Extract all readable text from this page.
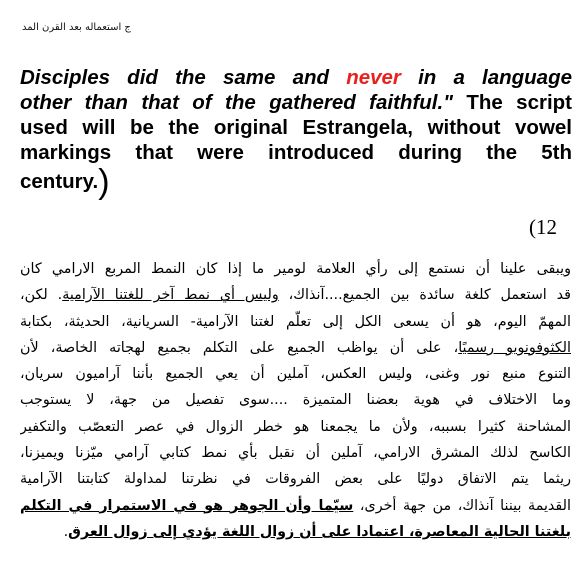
ج استعماله بعد القرن المد
Disciples did the same and never in a language
other than that of the gathered faithful." The script
used will be the original Estrangela, without vowel
markings that were introduced during the 5th
century.)
(12
ويبقى علينا أن نستمع إلى رأي العلامة لومير ما إذا كان النمط المربع الارامي كان
قد استعمل كلغة سائدة بين الجميع....آنذاك، وليس أي نمط آخر للغتنا الآرامية. لكن،
المهمّ اليوم، هو أن يسعى الكل إلى تعلّم لغتنا الآرامية- السريانية، الحديثة، بكتابة
الكثوفونويو رسميًا، على أن يواظب الجميع على التكلم بجميع لهجاته الخاصة، لأن
التنوع منبع نور وغنى، وليس العكس، آملين أن يعي الجميع بأننا آراميون سريان،
وما الاختلاف في هوية بعضنا المتميزة ....سوى تفصيل من جهة، لا يستوجب
المشاحنة كثيرا بسببه، ولأن ما يجمعنا هو خطر الزوال في عصر التعصّب والتكفير
الكاسح لذلك المشرق الارامي، آملين أن نقبل بأي نمط كتابي آرامي ميّزنا ويميزنا،
ريثما يتم الاتفاق دوليًا على بعض الفروقات في نظرتنا لمداولة كتابتنا الآرامية
القديمة بيننا آنذاك، من جهة أخرى، سيّما وأن الجوهر هو في الاستمرار في التكلم
بلغتنا الحالية المعاصرة، اعتمادا على أن زوال اللغة يؤدي إلى زوال العرق.
